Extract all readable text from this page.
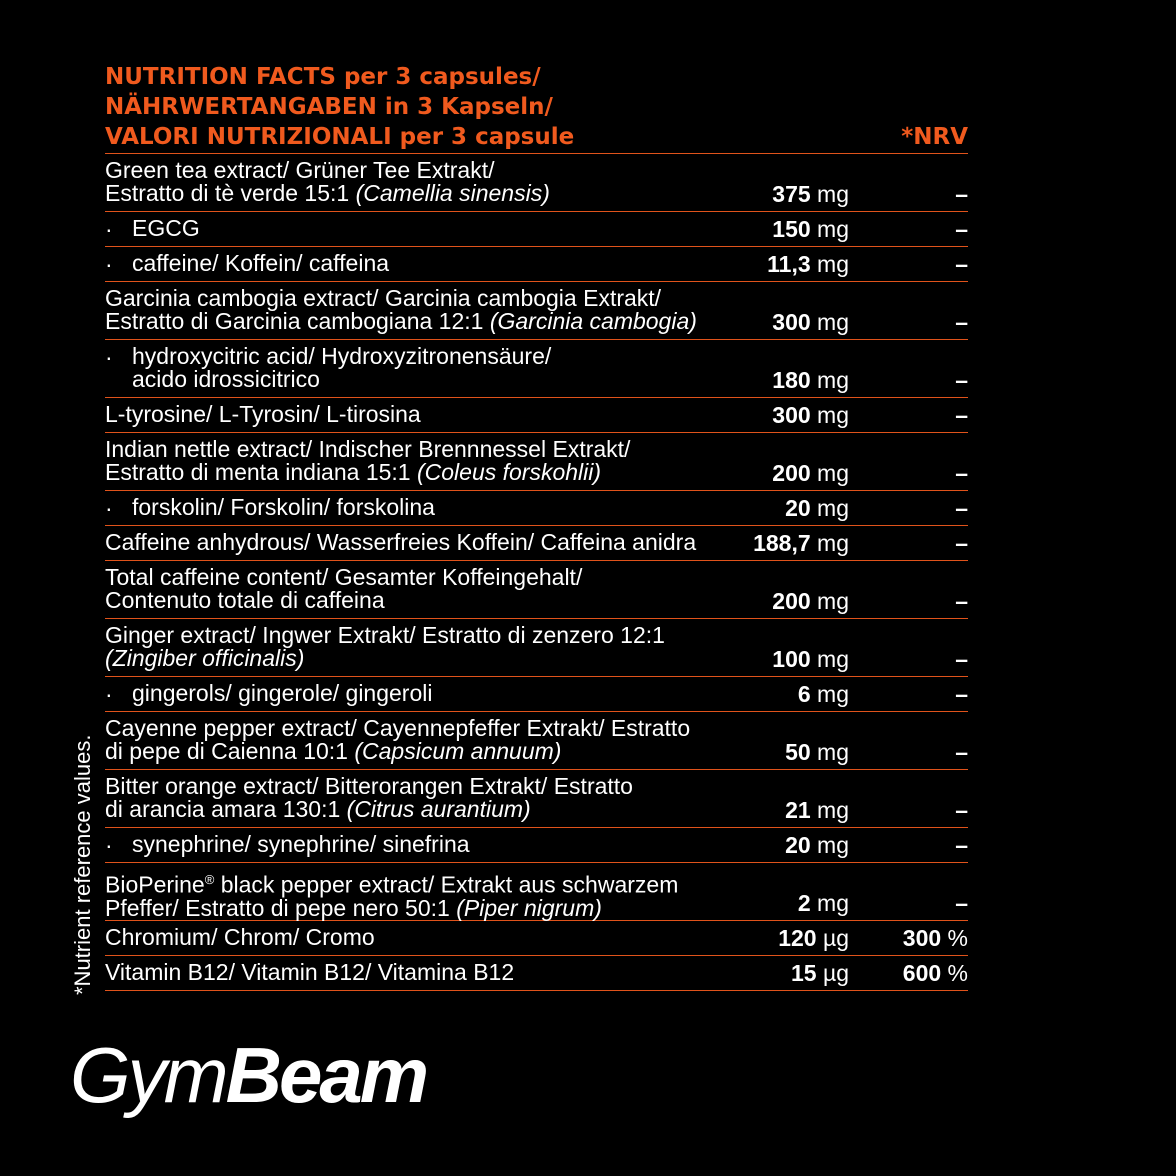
NUTRITION FACTS per 3 capsules/
NÄHRWERTANGABEN in 3 Kapseln/
VALORI NUTRIZIONALI per 3 capsule	*NRV
Green tea extract/ Grüner Tee Extrakt/
Estratto di tè verde 15:1 (Camellia sinensis)	375 mg	–
· EGCG	150 mg	–
· caffeine/ Koffein/ caffeina	11,3 mg	–
Garcinia cambogia extract/ Garcinia cambogia Extrakt/
Estratto di Garcinia cambogiana 12:1 (Garcinia cambogia)	300 mg	–
· hydroxycitric acid/ Hydroxyzitronensäure/
acido idrossicitrico	180 mg	–
L-tyrosine/ L-Tyrosin/ L-tirosina	300 mg	–
Indian nettle extract/ Indischer Brennnessel Extrakt/
Estratto di menta indiana 15:1 (Coleus forskohlii)	200 mg	–
· forskolin/ Forskolin/ forskolina	20 mg	–
Caffeine anhydrous/ Wasserfreies Koffein/ Caffeina anidra	188,7 mg	–
Total caffeine content/ Gesamter Koffeingehalt/
Contenuto totale di caffeina	200 mg	–
Ginger extract/ Ingwer Extrakt/ Estratto di zenzero 12:1
(Zingiber officinalis)	100 mg	–
· gingerols/ gingerole/ gingeroli	6 mg	–
Cayenne pepper extract/ Cayennepfeffer Extrakt/ Estratto
di pepe di Caienna 10:1 (Capsicum annuum)	50 mg	–
Bitter orange extract/ Bitterorangen Extrakt/ Estratto
di arancia amara 130:1 (Citrus aurantium)	21 mg	–
· synephrine/ synephrine/ sinefrina	20 mg	–
BioPerine® black pepper extract/ Extrakt aus schwarzem
Pfeffer/ Estratto di pepe nero 50:1 (Piper nigrum)	2 mg	–
Chromium/ Chrom/ Cromo	120 µg 300 %
Vitamin B12/ Vitamin B12/ Vitamina B12	15 µg 600 %
*Nutrient reference values.
GymBeam
